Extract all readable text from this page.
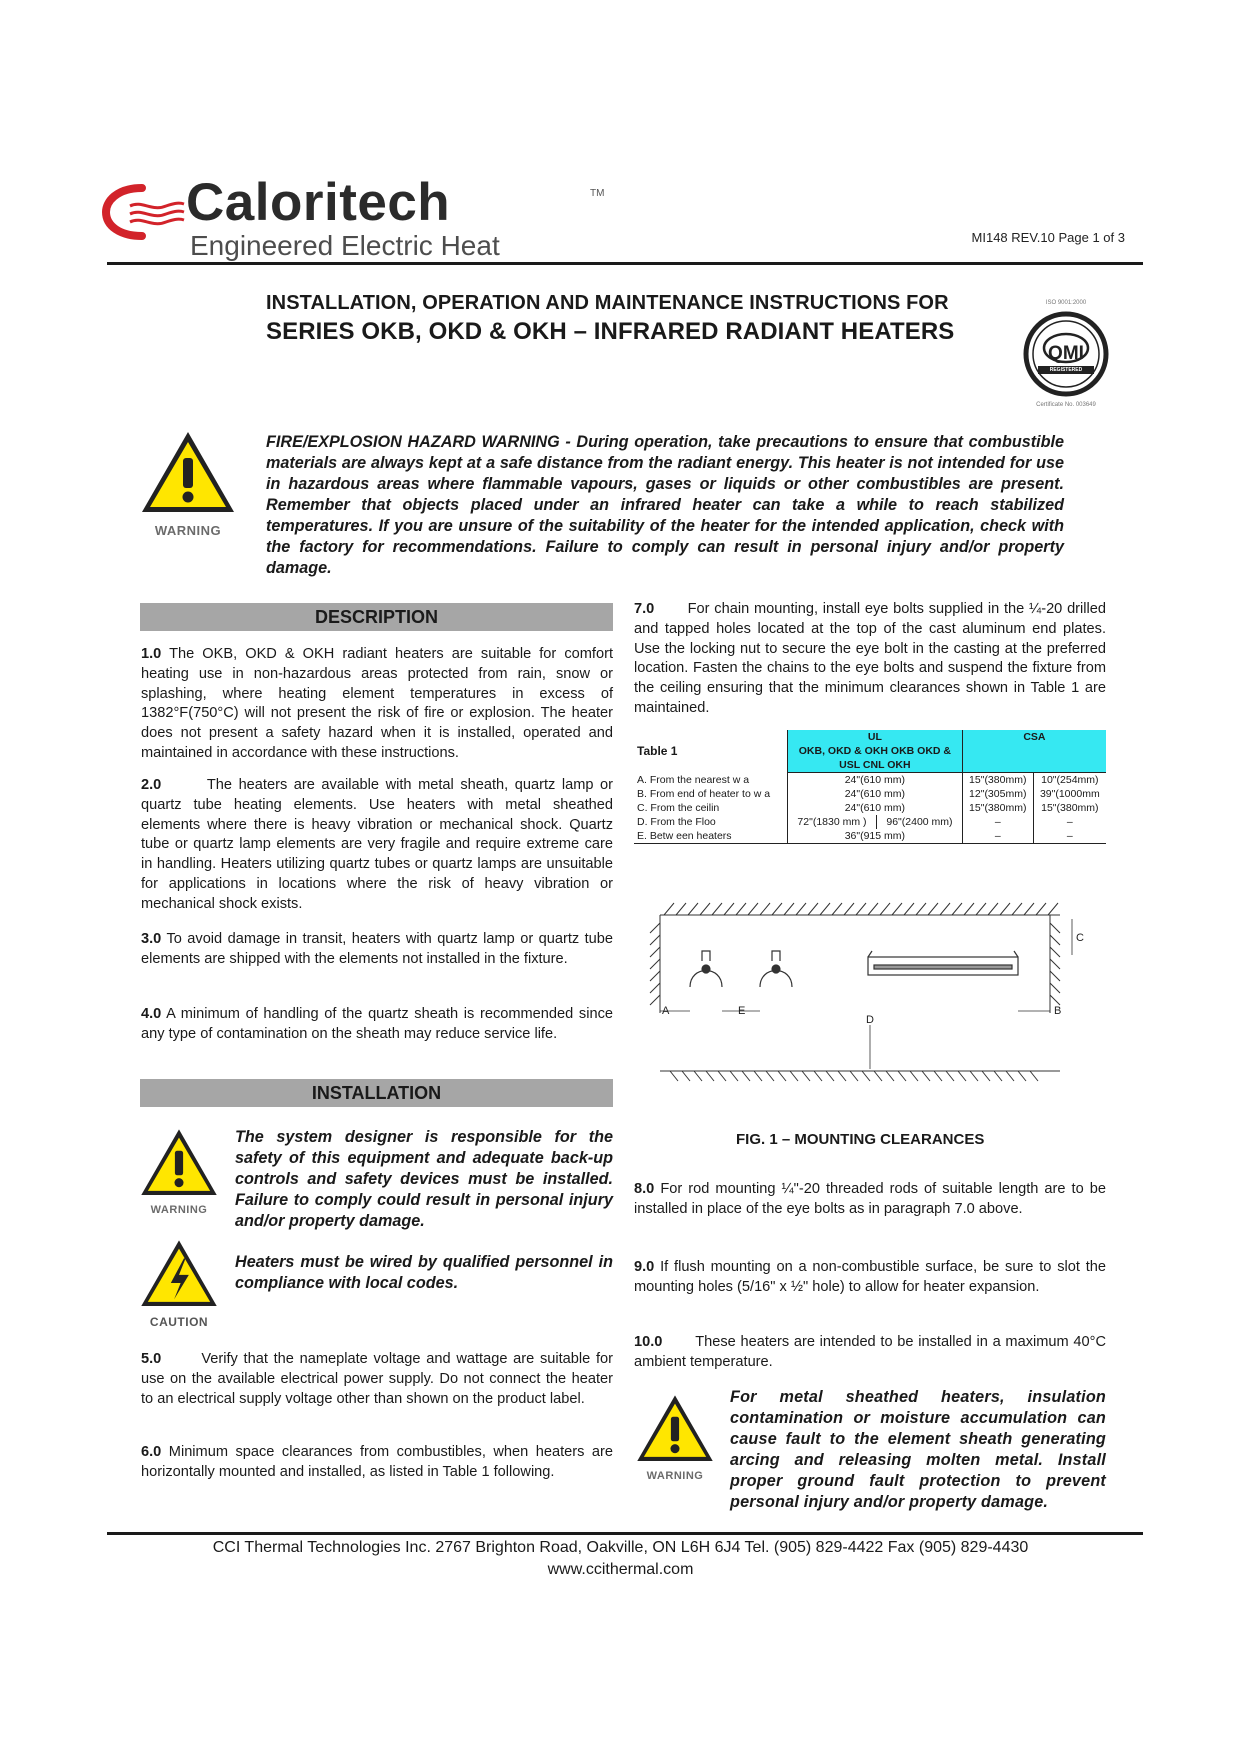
Caloritech	TM
Engineered Electric Heat	MI148 REV.10 Page 1 of 3
INSTALLATION, OPERATION AND MAINTENANCE INSTRUCTIONS FOR
SERIES OKB, OKD & OKH – INFRARED RADIANT HEATERS
ISO 9001:2000
QMI
REGISTERED
Certificate No. 003649
WARNING
FIRE/EXPLOSION HAZARD WARNING - During operation, take precautions to ensure that combustible materials are always kept at a safe distance from the radiant energy. This heater is not intended for use in hazardous areas where flammable vapours, gases or liquids or other combustibles are present. Remember that objects placed under an infrared heater can take a while to reach stabilized temperatures. If you are unsure of the suitability of the heater for the intended application, check with the factory for recommendations. Failure to comply can result in personal injury and/or property damage.
DESCRIPTION
1.0 The OKB, OKD & OKH radiant heaters are suitable for comfort heating use in non-hazardous areas protected from rain, snow or splashing, where heating element temperatures in excess of 1382°F(750°C) will not present the risk of fire or explosion. The heater does not present a safety hazard when it is installed, operated and maintained in accordance with these instructions.
2.0	The heaters are available with metal sheath, quartz lamp or quartz tube heating elements. Use heaters with metal sheathed elements where there is heavy vibration or mechanical shock. Quartz tube or quartz lamp elements are very fragile and require extreme care in handling. Heaters utilizing quartz tubes or quartz lamps are unsuitable for applications in locations where the risk of heavy vibration or mechanical shock exists.
3.0 To avoid damage in transit, heaters with quartz lamp or quartz tube elements are shipped with the elements not installed in the fixture.
4.0 A minimum of handling of the quartz sheath is recommended since any type of contamination on the sheath may reduce service life.
INSTALLATION
WARNING
The system designer is responsible for the safety of this equipment and adequate back-up controls and safety devices must be installed. Failure to comply could result in personal injury and/or property damage.
CAUTION
Heaters must be wired by qualified personnel in compliance with local codes.
5.0	Verify that the nameplate voltage and wattage are suitable for use on the available electrical power supply. Do not connect the heater to an electrical supply voltage other than shown on the product label.
6.0 Minimum space clearances from combustibles, when heaters are horizontally mounted and installed, as listed in Table 1 following.
7.0 For chain mounting, install eye bolts supplied in the ¼-20 drilled and tapped holes located at the top of the cast aluminum end plates. Use the locking nut to secure the eye bolt in the casting at the preferred location. Fasten the chains to the eye bolts and suspend the fixture from the ceiling ensuring that the minimum clearances shown in Table 1 are maintained.
Table 1	UL		CSA	
	OKB, OKD & OKH OKB OKD &			
	USL CNL OKH			
A. From the nearest w a	24"(610 mm)		15"(380mm)	10"(254mm)
B. From end of heater to w a	24"(610 mm)		12"(305mm)	39"(1000mm
C. From the ceilin	24"(610 mm)		15"(380mm)	15"(380mm)
D. From the Floo	72"(1830 mm )	96"(2400 mm)	–	–
E. Betw een heaters	36"(915 mm)		–	–
A	E	B
D
C
FIG. 1 – MOUNTING CLEARANCES
8.0 For rod mounting ¼"-20 threaded rods of suitable length are to be installed in place of the eye bolts as in paragraph 7.0 above.
9.0 If flush mounting on a non-combustible surface, be sure to slot the mounting holes (5/16" x ½" hole) to allow for heater expansion.
10.0 These heaters are intended to be installed in a maximum 40°C ambient temperature.
WARNING
For metal sheathed heaters, insulation contamination or moisture accumulation can cause fault to the element sheath generating arcing and releasing molten metal. Install proper ground fault protection to prevent personal injury and/or property damage.
CCI Thermal Technologies Inc. 2767 Brighton Road, Oakville, ON L6H 6J4 Tel. (905) 829-4422 Fax (905) 829-4430
www.ccithermal.com
